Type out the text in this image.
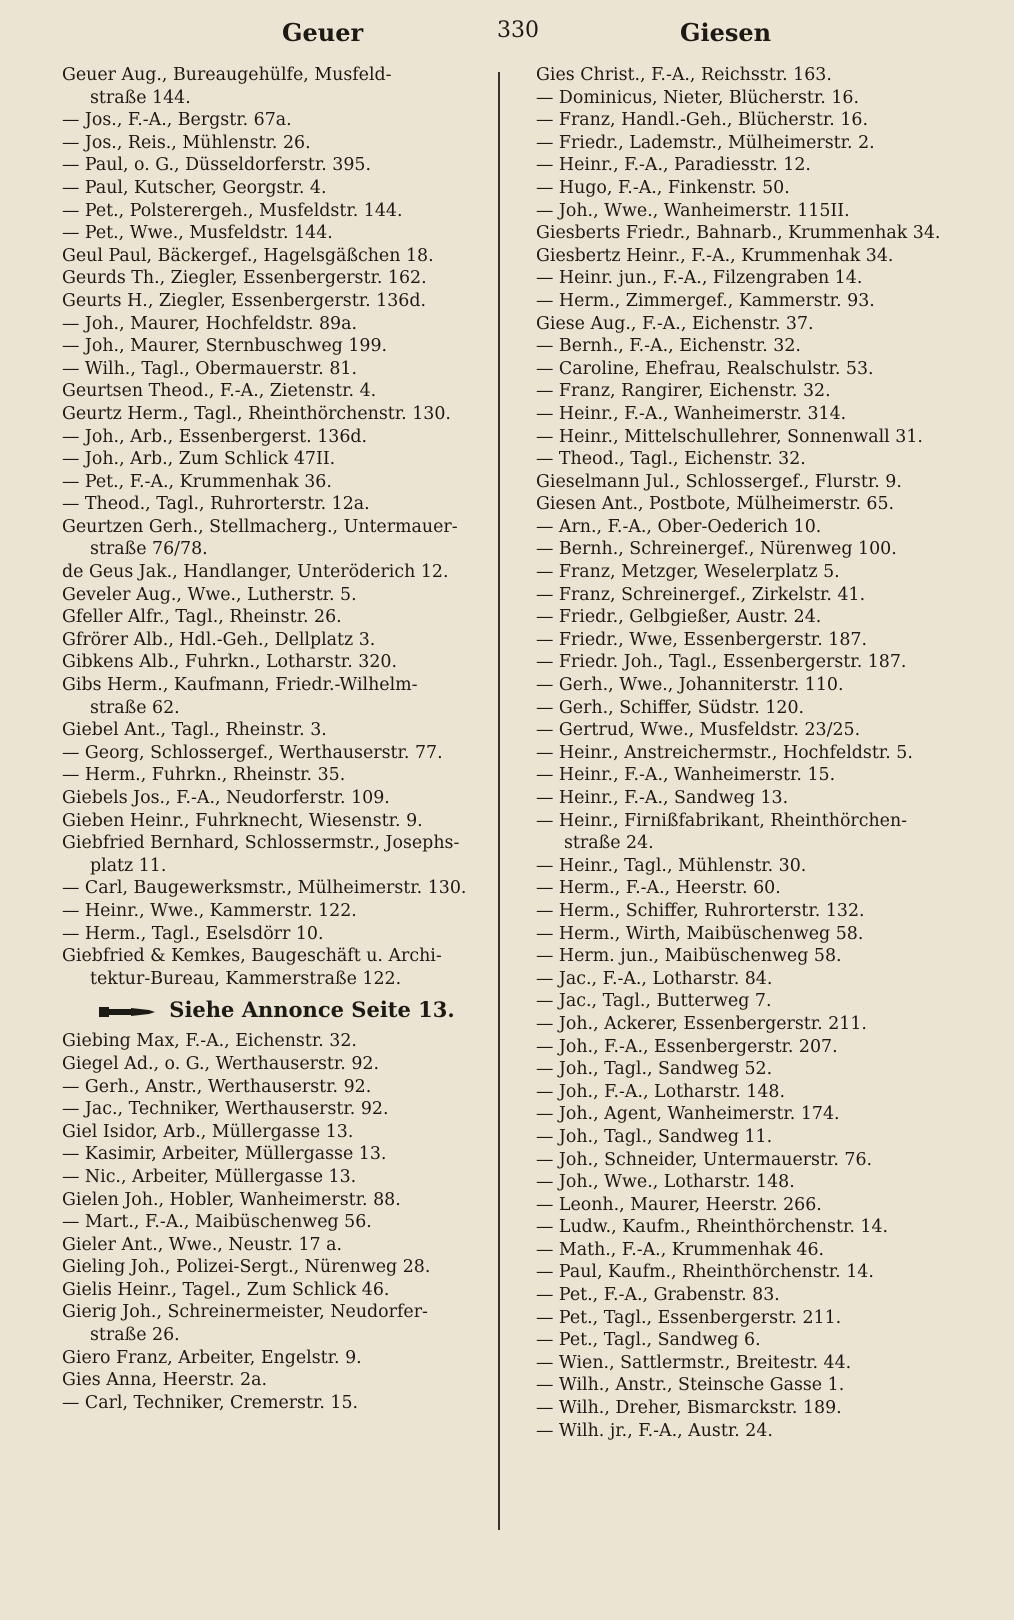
Geuer	330	Giesen
Geuer Aug., Bureaugehülfe, Musfeld-
straße 144.
— Jos., F.-A., Bergstr. 67a.
— Jos., Reis., Mühlenstr. 26.
— Paul, o. G., Düsseldorferstr. 395.
— Paul, Kutscher, Georgstr. 4.
— Pet., Polsterergeh., Musfeldstr. 144.
— Pet., Wwe., Musfeldstr. 144.
Geul Paul, Bäckergef., Hagelsgäßchen 18.
Geurds Th., Ziegler, Essenbergerstr. 162.
Geurts H., Ziegler, Essenbergerstr. 136d.
— Joh., Maurer, Hochfeldstr. 89a.
— Joh., Maurer, Sternbuschweg 199.
— Wilh., Tagl., Obermauerstr. 81.
Geurtsen Theod., F.-A., Zietenstr. 4.
Geurtz Herm., Tagl., Rheinthörchenstr. 130.
— Joh., Arb., Essenbergerst. 136d.
— Joh., Arb., Zum Schlick 47II.
— Pet., F.-A., Krummenhak 36.
— Theod., Tagl., Ruhrorterstr. 12a.
Geurtzen Gerh., Stellmacherg., Untermauer-
straße 76/78.
de Geus Jak., Handlanger, Unteröderich 12.
Geveler Aug., Wwe., Lutherstr. 5.
Gfeller Alfr., Tagl., Rheinstr. 26.
Gfrörer Alb., Hdl.-Geh., Dellplatz 3.
Gibkens Alb., Fuhrkn., Lotharstr. 320.
Gibs Herm., Kaufmann, Friedr.-Wilhelm-
straße 62.
Giebel Ant., Tagl., Rheinstr. 3.
— Georg, Schlossergef., Werthauserstr. 77.
— Herm., Fuhrkn., Rheinstr. 35.
Giebels Jos., F.-A., Neudorferstr. 109.
Gieben Heinr., Fuhrknecht, Wiesenstr. 9.
Giebfried Bernhard, Schlossermstr., Josephs-
platz 11.
— Carl, Baugewerksmstr., Mülheimerstr. 130.
— Heinr., Wwe., Kammerstr. 122.
— Herm., Tagl., Eselsdörr 10.
Giebfried & Kemkes, Baugeschäft u. Archi-
tektur-Bureau, Kammerstraße 122.
Siehe Annonce Seite 13.
Giebing Max, F.-A., Eichenstr. 32.
Giegel Ad., o. G., Werthauserstr. 92.
— Gerh., Anstr., Werthauserstr. 92.
— Jac., Techniker, Werthauserstr. 92.
Giel Isidor, Arb., Müllergasse 13.
— Kasimir, Arbeiter, Müllergasse 13.
— Nic., Arbeiter, Müllergasse 13.
Gielen Joh., Hobler, Wanheimerstr. 88.
— Mart., F.-A., Maibüschenweg 56.
Gieler Ant., Wwe., Neustr. 17 a.
Gieling Joh., Polizei-Sergt., Nürenweg 28.
Gielis Heinr., Tagel., Zum Schlick 46.
Gierig Joh., Schreinermeister, Neudorfer-
straße 26.
Giero Franz, Arbeiter, Engelstr. 9.
Gies Anna, Heerstr. 2a.
— Carl, Techniker, Cremerstr. 15.
Gies Christ., F.-A., Reichsstr. 163.
— Dominicus, Nieter, Blücherstr. 16.
— Franz, Handl.-Geh., Blücherstr. 16.
— Friedr., Lademstr., Mülheimerstr. 2.
— Heinr., F.-A., Paradiesstr. 12.
— Hugo, F.-A., Finkenstr. 50.
— Joh., Wwe., Wanheimerstr. 115II.
Giesberts Friedr., Bahnarb., Krummenhak 34.
Giesbertz Heinr., F.-A., Krummenhak 34.
— Heinr. jun., F.-A., Filzengraben 14.
— Herm., Zimmergef., Kammerstr. 93.
Giese Aug., F.-A., Eichenstr. 37.
— Bernh., F.-A., Eichenstr. 32.
— Caroline, Ehefrau, Realschulstr. 53.
— Franz, Rangirer, Eichenstr. 32.
— Heinr., F.-A., Wanheimerstr. 314.
— Heinr., Mittelschullehrer, Sonnenwall 31.
— Theod., Tagl., Eichenstr. 32.
Gieselmann Jul., Schlossergef., Flurstr. 9.
Giesen Ant., Postbote, Mülheimerstr. 65.
— Arn., F.-A., Ober-Oederich 10.
— Bernh., Schreinergef., Nürenweg 100.
— Franz, Metzger, Weselerplatz 5.
— Franz, Schreinergef., Zirkelstr. 41.
— Friedr., Gelbgießer, Austr. 24.
— Friedr., Wwe, Essenbergerstr. 187.
— Friedr. Joh., Tagl., Essenbergerstr. 187.
— Gerh., Wwe., Johanniterstr. 110.
— Gerh., Schiffer, Südstr. 120.
— Gertrud, Wwe., Musfeldstr. 23/25.
— Heinr., Anstreichermstr., Hochfeldstr. 5.
— Heinr., F.-A., Wanheimerstr. 15.
— Heinr., F.-A., Sandweg 13.
— Heinr., Firnißfabrikant, Rheinthörchen-
straße 24.
— Heinr., Tagl., Mühlenstr. 30.
— Herm., F.-A., Heerstr. 60.
— Herm., Schiffer, Ruhrorterstr. 132.
— Herm., Wirth, Maibüschenweg 58.
— Herm. jun., Maibüschenweg 58.
— Jac., F.-A., Lotharstr. 84.
— Jac., Tagl., Butterweg 7.
— Joh., Ackerer, Essenbergerstr. 211.
— Joh., F.-A., Essenbergerstr. 207.
— Joh., Tagl., Sandweg 52.
— Joh., F.-A., Lotharstr. 148.
— Joh., Agent, Wanheimerstr. 174.
— Joh., Tagl., Sandweg 11.
— Joh., Schneider, Untermauerstr. 76.
— Joh., Wwe., Lotharstr. 148.
— Leonh., Maurer, Heerstr. 266.
— Ludw., Kaufm., Rheinthörchenstr. 14.
— Math., F.-A., Krummenhak 46.
— Paul, Kaufm., Rheinthörchenstr. 14.
— Pet., F.-A., Grabenstr. 83.
— Pet., Tagl., Essenbergerstr. 211.
— Pet., Tagl., Sandweg 6.
— Wien., Sattlermstr., Breitestr. 44.
— Wilh., Anstr., Steinsche Gasse 1.
— Wilh., Dreher, Bismarckstr. 189.
— Wilh. jr., F.-A., Austr. 24.
